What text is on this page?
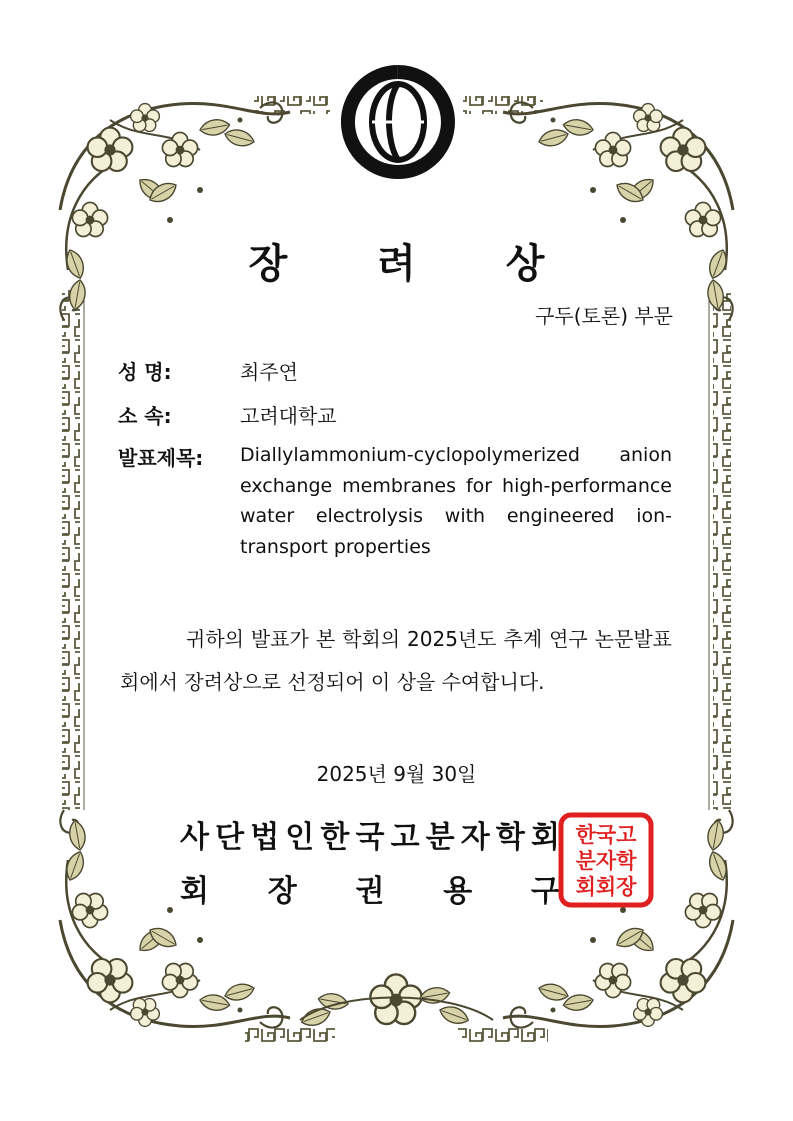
장 려 상
구두(토론) 부문
성 명:	최주연
소 속:	고려대학교
발표제목: Diallylammonium-cyclopolymerized anion exchange membranes for high-performance water electrolysis with engineered ion-transport properties
귀하의 발표가 본 학회의 2025년도 추계 연구 논문발표회에서 장려상으로 선정되어 이 상을 수여합니다.
2025년 9월 30일
사 단 법 인 한 국 고 분 자 학 회
회 장 권 용 구
한국고
분자학
회회장
